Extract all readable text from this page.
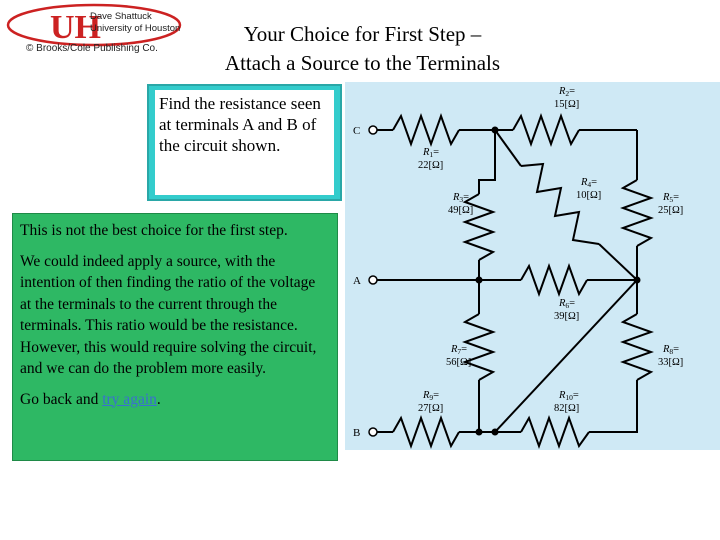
UH
Dave Shattuck
University of Houston
© Brooks/Cole Publishing Co.
Your Choice for First Step –
Attach a Source to the Terminals
Find the resistance seen at terminals A and B of the circuit shown.

This is not the best choice for the first step.

We could indeed apply a source, with the intention of then finding the ratio of the voltage at the terminals to the current through the terminals. This ratio would be the resistance. However, this would require solving the circuit, and we can do the problem more easily.

Go back and try again.

C
A
B
R1=
22[Ω]
R2=
15[Ω]
R3=
49[Ω]
R4=
10[Ω]	R5=
25[Ω]
R6=
39[Ω]
R7=
56[Ω]
R8=
33[Ω]
R9=
27[Ω]
R10=
82[Ω]
